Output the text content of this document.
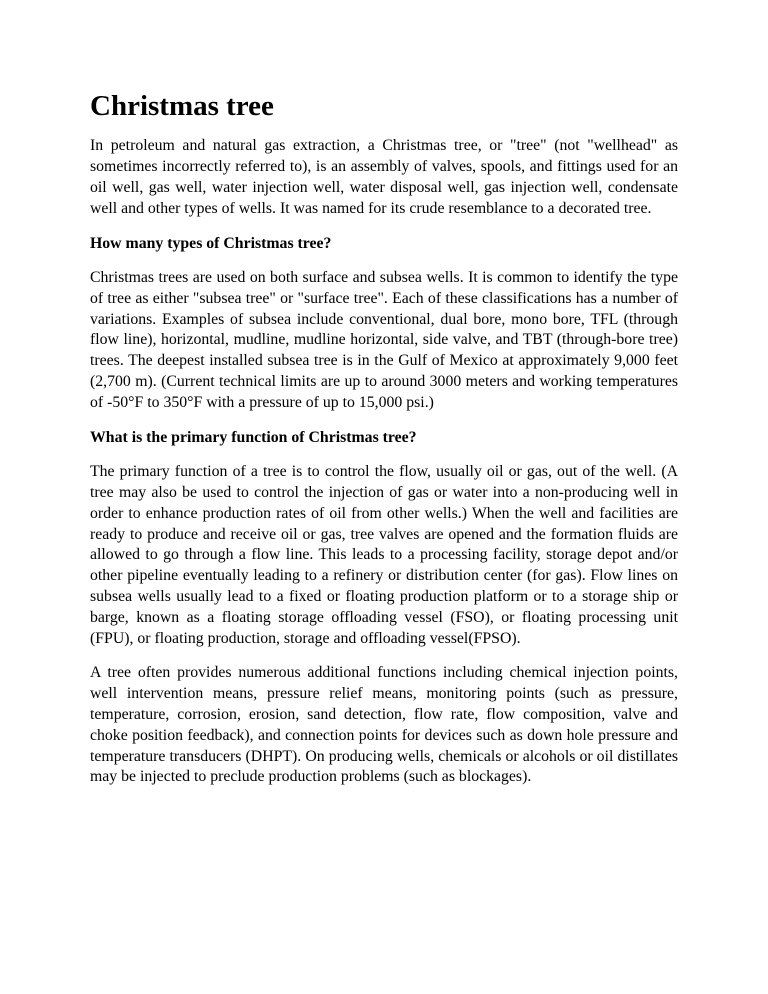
Christmas tree

In petroleum and natural gas extraction, a Christmas tree, or "tree" (not "wellhead" as sometimes incorrectly referred to), is an assembly of valves, spools, and fittings used for an oil well, gas well, water injection well, water disposal well, gas injection well, condensate well and other types of wells. It was named for its crude resemblance to a decorated tree.

How many types of Christmas tree?

Christmas trees are used on both surface and subsea wells. It is common to identify the type of tree as either "subsea tree" or "surface tree". Each of these classifications has a number of variations. Examples of subsea include conventional, dual bore, mono bore, TFL (through flow line), horizontal, mudline, mudline horizontal, side valve, and TBT (through-bore tree) trees. The deepest installed subsea tree is in the Gulf of Mexico at approximately 9,000 feet (2,700 m). (Current technical limits are up to around 3000 meters and working temperatures of -50°F to 350°F with a pressure of up to 15,000 psi.)

What is the primary function of Christmas tree?

The primary function of a tree is to control the flow, usually oil or gas, out of the well. (A tree may also be used to control the injection of gas or water into a non-producing well in order to enhance production rates of oil from other wells.) When the well and facilities are ready to produce and receive oil or gas, tree valves are opened and the formation fluids are allowed to go through a flow line. This leads to a processing facility, storage depot and/or other pipeline eventually leading to a refinery or distribution center (for gas). Flow lines on subsea wells usually lead to a fixed or floating production platform or to a storage ship or barge, known as a floating storage offloading vessel (FSO), or floating processing unit (FPU), or floating production, storage and offloading vessel(FPSO).

A tree often provides numerous additional functions including chemical injection points, well intervention means, pressure relief means, monitoring points (such as pressure, temperature, corrosion, erosion, sand detection, flow rate, flow composition, valve and choke position feedback), and connection points for devices such as down hole pressure and temperature transducers (DHPT). On producing wells, chemicals or alcohols or oil distillates may be injected to preclude production problems (such as blockages).
